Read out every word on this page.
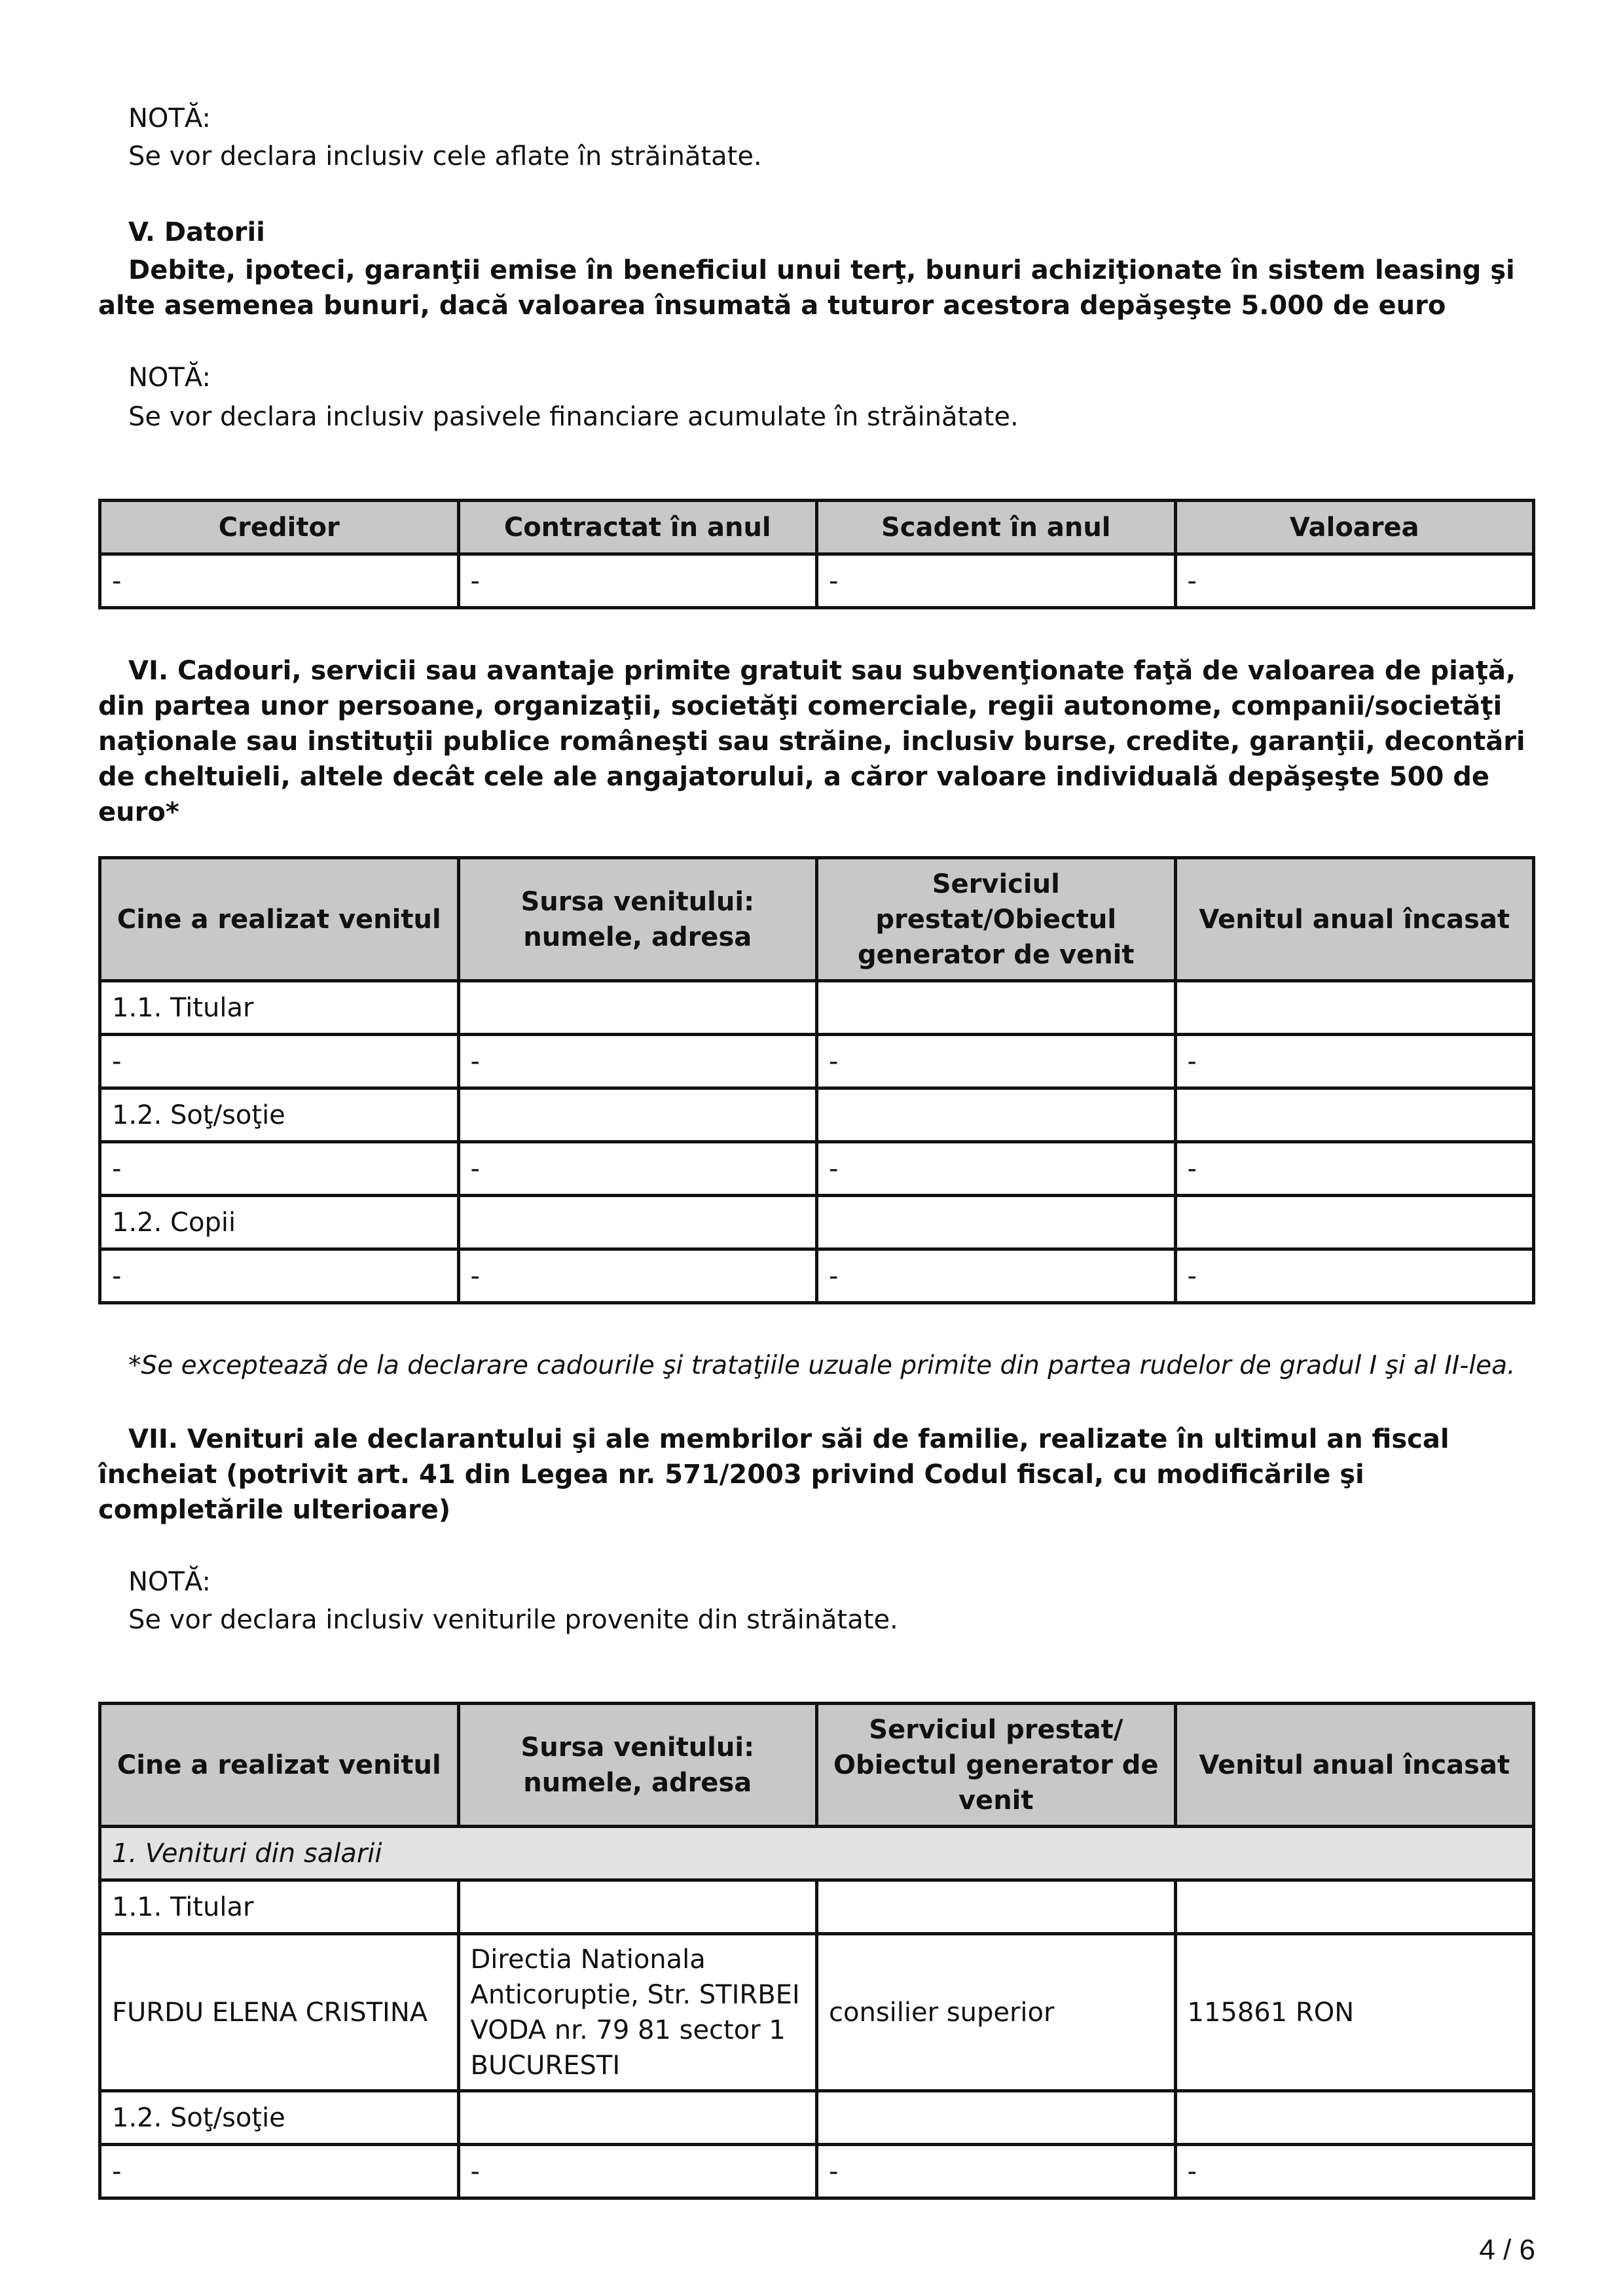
NOTĂ:

Se vor declara inclusiv cele aflate în străinătate.

V. Datorii

Debite, ipoteci, garanţii emise în beneficiul unui terţ, bunuri achiziţionate în sistem leasing şi alte asemenea bunuri, dacă valoarea însumată a tuturor acestora depăşeşte 5.000 de euro

NOTĂ:

Se vor declara inclusiv pasivele financiare acumulate în străinătate.

Creditor	Contractat în anul	Scadent în anul	Valoarea
-	-	-	-

VI. Cadouri, servicii sau avantaje primite gratuit sau subvenţionate faţă de valoarea de piaţă, din partea unor persoane, organizaţii, societăţi comerciale, regii autonome, companii/societăţi naţionale sau instituţii publice româneşti sau străine, inclusiv burse, credite, garanţii, decontări de cheltuieli, altele decât cele ale angajatorului, a căror valoare individuală depăşeşte 500 de euro*

Cine a realizat venitul	Sursa venitului: numele, adresa	Serviciul prestat/Obiectul generator de venit	Venitul anual încasat
1.1. Titular			
-	-	-	-
1.2. Soţ/soţie			
-	-	-	-
1.2. Copii			
-	-	-	-

*Se exceptează de la declarare cadourile şi trataţiile uzuale primite din partea rudelor de gradul I şi al II-lea.

VII. Venituri ale declarantului şi ale membrilor săi de familie, realizate în ultimul an fiscal încheiat (potrivit art. 41 din Legea nr. 571/2003 privind Codul fiscal, cu modificările şi completările ulterioare)

NOTĂ:

Se vor declara inclusiv veniturile provenite din străinătate.

Cine a realizat venitul	Sursa venitului: numele, adresa	Serviciul prestat/ Obiectul generator de venit	Venitul anual încasat
1. Venituri din salarii			
1.1. Titular			
FURDU ELENA CRISTINA	Directia Nationala Anticoruptie, Str. STIRBEI VODA nr. 79 81 sector 1 BUCURESTI	consilier superior	115861 RON
1.2. Soţ/soţie			
-	-	-	-
4 / 6
